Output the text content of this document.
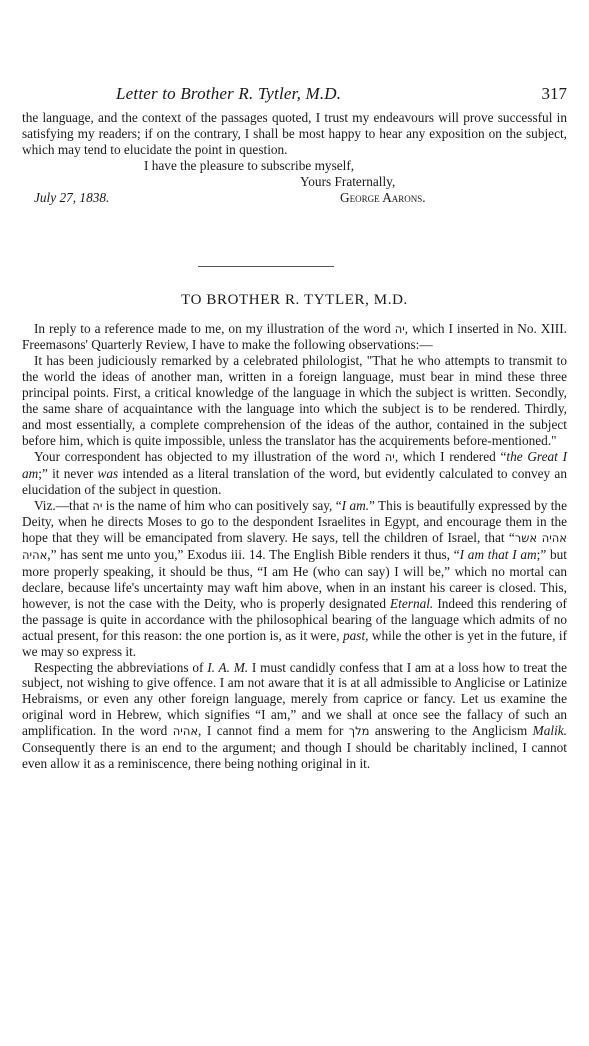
Letter to Brother R. Tytler, M.D.	317

the language, and the context of the passages quoted, I trust my endeavours will prove successful in satisfying my readers; if on the contrary, I shall be most happy to hear any exposition on the subject, which may tend to elucidate the point in question.

I have the pleasure to subscribe myself,
Yours Fraternally,
July 27, 1838.	George Aarons.
TO BROTHER R. TYTLER, M.D.

In reply to a reference made to me, on my illustration of the word יה, which I inserted in No. XIII. Freemasons' Quarterly Review, I have to make the following observations:—

It has been judiciously remarked by a celebrated philologist, "That he who attempts to transmit to the world the ideas of another man, written in a foreign language, must bear in mind these three principal points. First, a critical knowledge of the language in which the subject is written. Secondly, the same share of acquaintance with the language into which the subject is to be rendered. Thirdly, and most essentially, a complete comprehension of the ideas of the author, contained in the subject before him, which is quite impossible, unless the translator has the acquirements before-mentioned."

Your correspondent has objected to my illustration of the word יה, which I rendered “the Great I am;” it never was intended as a literal translation of the word, but evidently calculated to convey an elucidation of the subject in question.

Viz.—that יה is the name of him who can positively say, “I am.” This is beautifully expressed by the Deity, when he directs Moses to go to the despondent Israelites in Egypt, and encourage them in the hope that they will be emancipated from slavery. He says, tell the children of Israel, that “אהיה אשר אהיה,” has sent me unto you,” Exodus iii. 14. The English Bible renders it thus, “I am that I am;” but more properly speaking, it should be thus, “I am He (who can say) I will be,” which no mortal can declare, because life's uncertainty may waft him above, when in an instant his career is closed. This, however, is not the case with the Deity, who is properly designated Eternal. Indeed this rendering of the passage is quite in accordance with the philosophical bearing of the language which admits of no actual present, for this reason: the one portion is, as it were, past, while the other is yet in the future, if we may so express it.

Respecting the abbreviations of I. A. M. I must candidly confess that I am at a loss how to treat the subject, not wishing to give offence. I am not aware that it is at all admissible to Anglicise or Latinize Hebraisms, or even any other foreign language, merely from caprice or fancy. Let us examine the original word in Hebrew, which signifies “I am,” and we shall at once see the fallacy of such an amplification. In the word אהיה, I cannot find a mem for מלך answering to the Anglicism Malik. Consequently there is an end to the argument; and though I should be charitably inclined, I cannot even allow it as a reminiscence, there being nothing original in it.
